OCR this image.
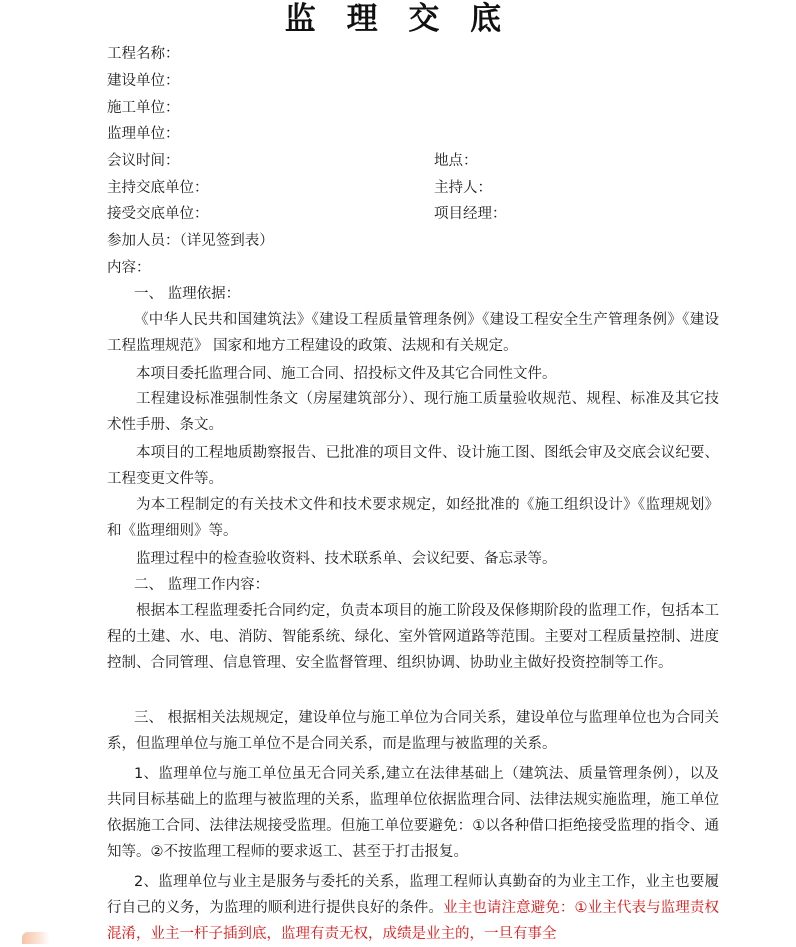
监 理 交 底
工程名称：
建设单位：
施工单位：
监理单位：
会议时间：	地点：
主持交底单位：	主持人：
接受交底单位：	项目经理：
参加人员：（详见签到表）
内容：
一、 监理依据：
《中华人民共和国建筑法》《建设工程质量管理条例》《建设工程安全生产管理条例》《建设工程监理规范》 国家和地方工程建设的政策、法规和有关规定。
本项目委托监理合同、施工合同、招投标文件及其它合同性文件。
工程建设标准强制性条文（房屋建筑部分）、现行施工质量验收规范、规程、标准及其它技术性手册、条文。
本项目的工程地质勘察报告、已批准的项目文件、设计施工图、图纸会审及交底会议纪要、工程变更文件等。
为本工程制定的有关技术文件和技术要求规定，如经批准的《施工组织设计》《监理规划》和《监理细则》等。
监理过程中的检查验收资料、技术联系单、会议纪要、备忘录等。
二、 监理工作内容：
根据本工程监理委托合同约定，负责本项目的施工阶段及保修期阶段的监理工作，包括本工程的土建、水、电、消防、智能系统、绿化、室外管网道路等范围。主要对工程质量控制、进度控制、合同管理、信息管理、安全监督管理、组织协调、协助业主做好投资控制等工作。
三、 根据相关法规规定，建设单位与施工单位为合同关系，建设单位与监理单位也为合同关系，但监理单位与施工单位不是合同关系，而是监理与被监理的关系。
1、监理单位与施工单位虽无合同关系,建立在法律基础上（建筑法、质量管理条例），以及共同目标基础上的监理与被监理的关系，监理单位依据监理合同、法律法规实施监理，施工单位依据施工合同、法律法规接受监理。但施工单位要避免：①以各种借口拒绝接受监理的指令、通知等。②不按监理工程师的要求返工、甚至于打击报复。
2、监理单位与业主是服务与委托的关系，监理工程师认真勤奋的为业主工作，业主也要履行自己的义务，为监理的顺利进行提供良好的条件。业主也请注意避免：①业主代表与监理责权混淆，业主一杆子插到底，监理有责无权，成绩是业主的，一旦有事全
